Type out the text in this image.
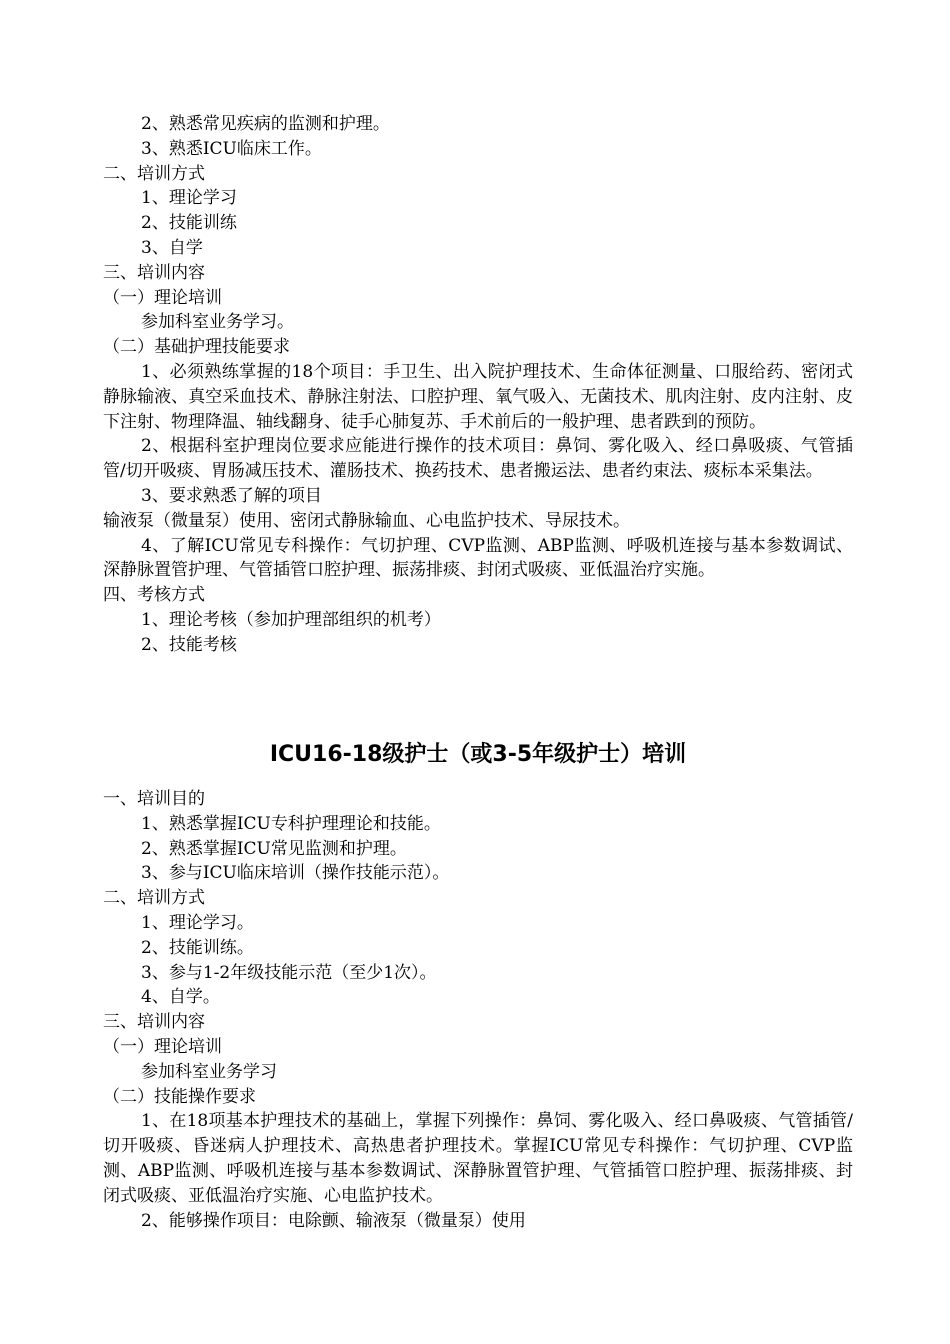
2、熟悉常见疾病的监测和护理。

3、熟悉ICU临床工作。

二、培训方式

1、理论学习

2、技能训练

3、自学

三、培训内容

（一）理论培训

参加科室业务学习。

（二）基础护理技能要求

1、必须熟练掌握的18个项目：手卫生、出入院护理技术、生命体征测量、口服给药、密闭式静脉输液、真空采血技术、静脉注射法、口腔护理、氧气吸入、无菌技术、肌肉注射、皮内注射、皮下注射、物理降温、轴线翻身、徒手心肺复苏、手术前后的一般护理、患者跌到的预防。

2、根据科室护理岗位要求应能进行操作的技术项目：鼻饲、雾化吸入、经口鼻吸痰、气管插管/切开吸痰、胃肠减压技术、灌肠技术、换药技术、患者搬运法、患者约束法、痰标本采集法。

3、要求熟悉了解的项目

输液泵（微量泵）使用、密闭式静脉输血、心电监护技术、导尿技术。

4、了解ICU常见专科操作：气切护理、CVP监测、ABP监测、呼吸机连接与基本参数调试、深静脉置管护理、气管插管口腔护理、振荡排痰、封闭式吸痰、亚低温治疗实施。

四、考核方式

1、理论考核（参加护理部组织的机考）

2、技能考核

ICU16-18级护士（或3-5年级护士）培训

一、培训目的

1、熟悉掌握ICU专科护理理论和技能。

2、熟悉掌握ICU常见监测和护理。

3、参与ICU临床培训（操作技能示范）。

二、培训方式

1、理论学习。

2、技能训练。

3、参与1-2年级技能示范（至少1次）。

4、自学。

三、培训内容

（一）理论培训

参加科室业务学习

（二）技能操作要求

1、在18项基本护理技术的基础上，掌握下列操作：鼻饲、雾化吸入、经口鼻吸痰、气管插管/切开吸痰、昏迷病人护理技术、高热患者护理技术。掌握ICU常见专科操作：气切护理、CVP监测、ABP监测、呼吸机连接与基本参数调试、深静脉置管护理、气管插管口腔护理、振荡排痰、封闭式吸痰、亚低温治疗实施、心电监护技术。

2、能够操作项目：电除颤、输液泵（微量泵）使用
